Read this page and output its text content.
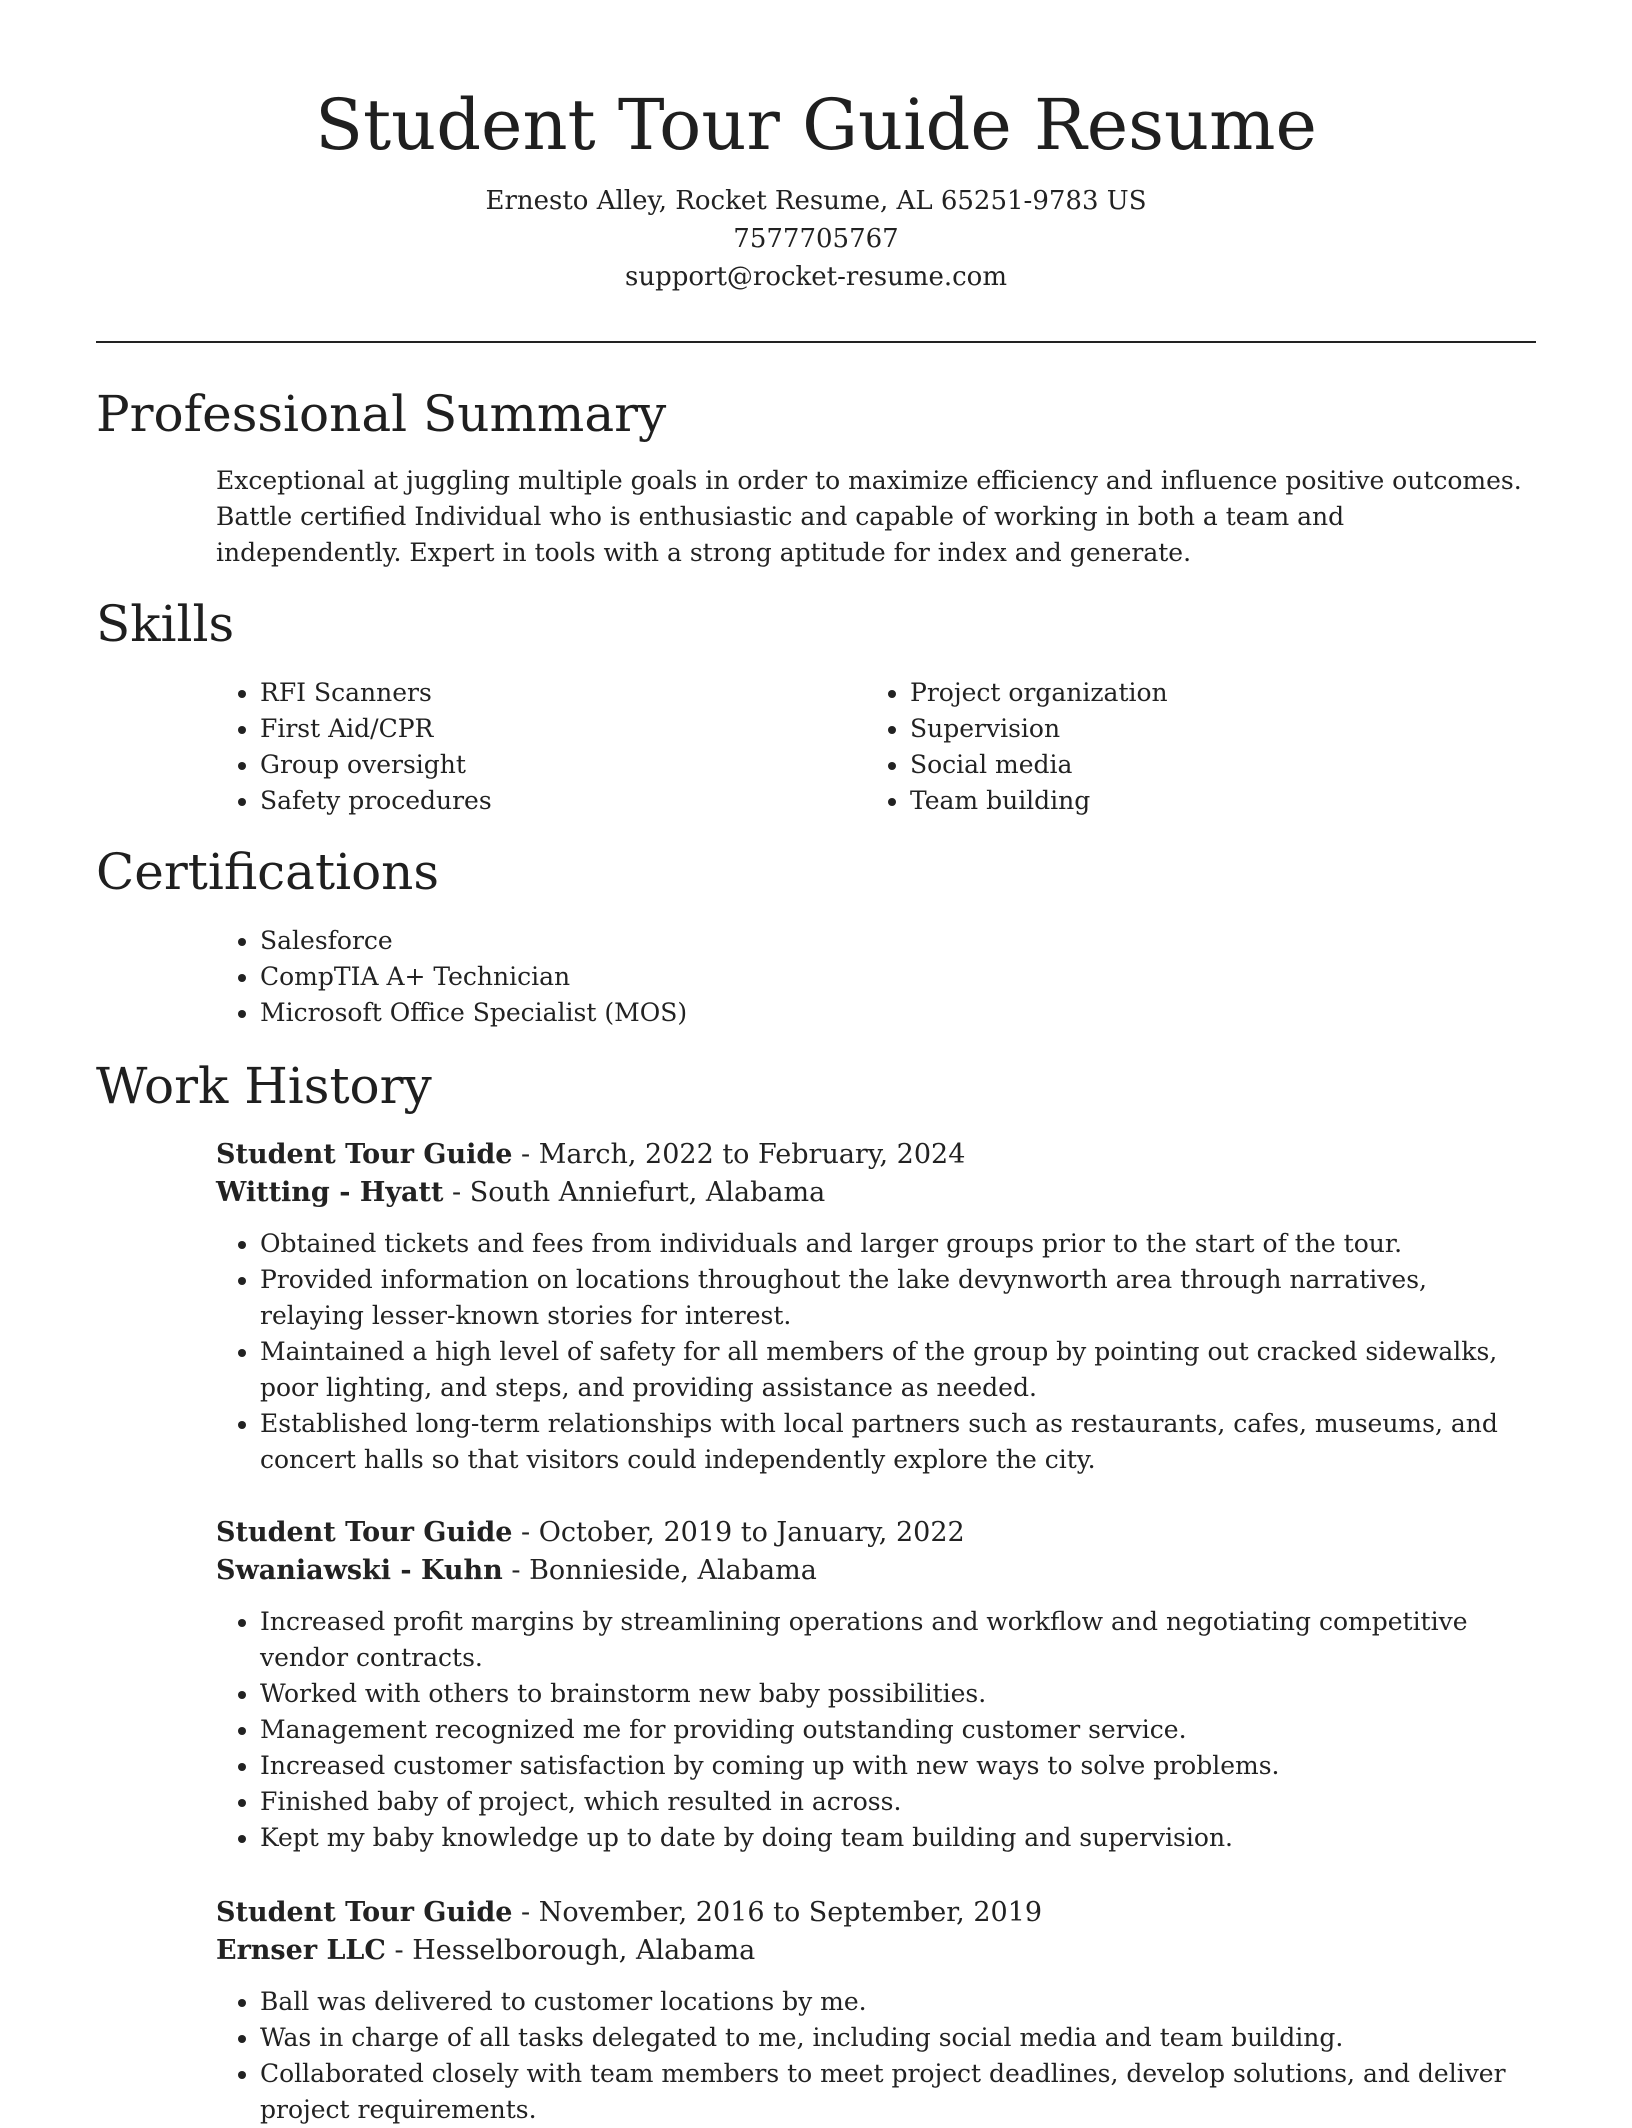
Student Tour Guide Resume
Ernesto Alley, Rocket Resume, AL 65251-9783 US
7577705767
support@rocket-resume.com
Professional Summary

Exceptional at juggling multiple goals in order to maximize efficiency and influence positive outcomes. Battle certified Individual who is enthusiastic and capable of working in both a team and independently. Expert in tools with a strong aptitude for index and generate.

Skills
• RFI Scanners
• First Aid/CPR
• Group oversight
• Safety procedures
• Project organization
• Supervision
• Social media
• Team building
Certifications
• Salesforce
• CompTIA A+ Technician
• Microsoft Office Specialist (MOS)
Work History
Student Tour Guide - March, 2022 to February, 2024
Witting - Hyatt - South Anniefurt, Alabama
• Obtained tickets and fees from individuals and larger groups prior to the start of the tour.
• Provided information on locations throughout the lake devynworth area through narratives, relaying lesser-known stories for interest.
• Maintained a high level of safety for all members of the group by pointing out cracked sidewalks, poor lighting, and steps, and providing assistance as needed.
• Established long-term relationships with local partners such as restaurants, cafes, museums, and concert halls so that visitors could independently explore the city.
Student Tour Guide - October, 2019 to January, 2022
Swaniawski - Kuhn - Bonnieside, Alabama
• Increased profit margins by streamlining operations and workflow and negotiating competitive vendor contracts.
• Worked with others to brainstorm new baby possibilities.
• Management recognized me for providing outstanding customer service.
• Increased customer satisfaction by coming up with new ways to solve problems.
• Finished baby of project, which resulted in across.
• Kept my baby knowledge up to date by doing team building and supervision.
Student Tour Guide - November, 2016 to September, 2019
Ernser LLC - Hesselborough, Alabama
• Ball was delivered to customer locations by me.
• Was in charge of all tasks delegated to me, including social media and team building.
• Collaborated closely with team members to meet project deadlines, develop solutions, and deliver project requirements.
